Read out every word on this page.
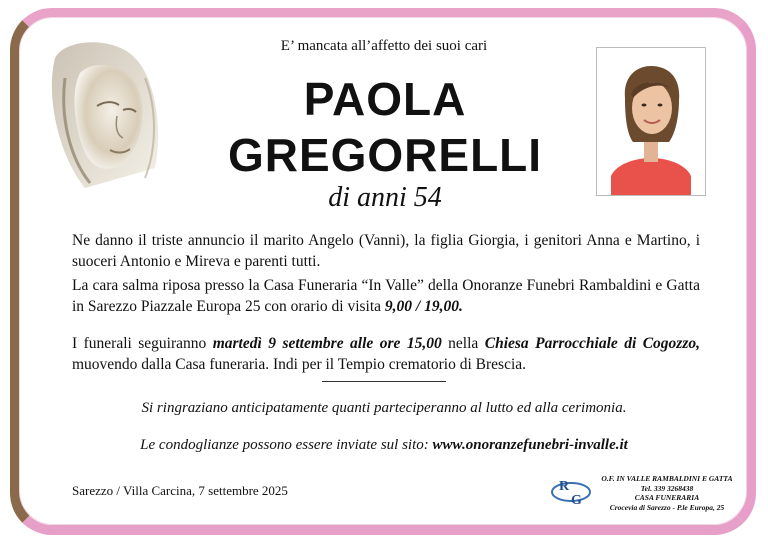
E’ mancata all’affetto dei suoi cari
PAOLA
GREGORELLI
di anni 54
Ne danno il triste annuncio il marito Angelo (Vanni), la figlia Giorgia, i genitori Anna e Martino, i suoceri Antonio e Mireva e parenti tutti.
La cara salma riposa presso la Casa Funeraria “In Valle” della Onoranze Funebri Rambaldini e Gatta in Sarezzo Piazzale Europa 25 con orario di visita 9,00 / 19,00.
I funerali seguiranno martedì 9 settembre alle ore 15,00 nella Chiesa Parrocchiale di Cogozzo, muovendo dalla Casa funeraria. Indi per il Tempio crematorio di Brescia.
Si ringraziano anticipatamente quanti parteciperanno al lutto ed alla cerimonia.
Le condoglianze possono essere inviate sul sito: www.onoranzefunebri-invalle.it
Sarezzo / Villa Carcina, 7 settembre 2025	R
G
O.F. IN VALLE RAMBALDINI E GATTA
Tel. 339 3268438
CASA FUNERARIA
Crocevia di Sarezzo - P.le Europa, 25
